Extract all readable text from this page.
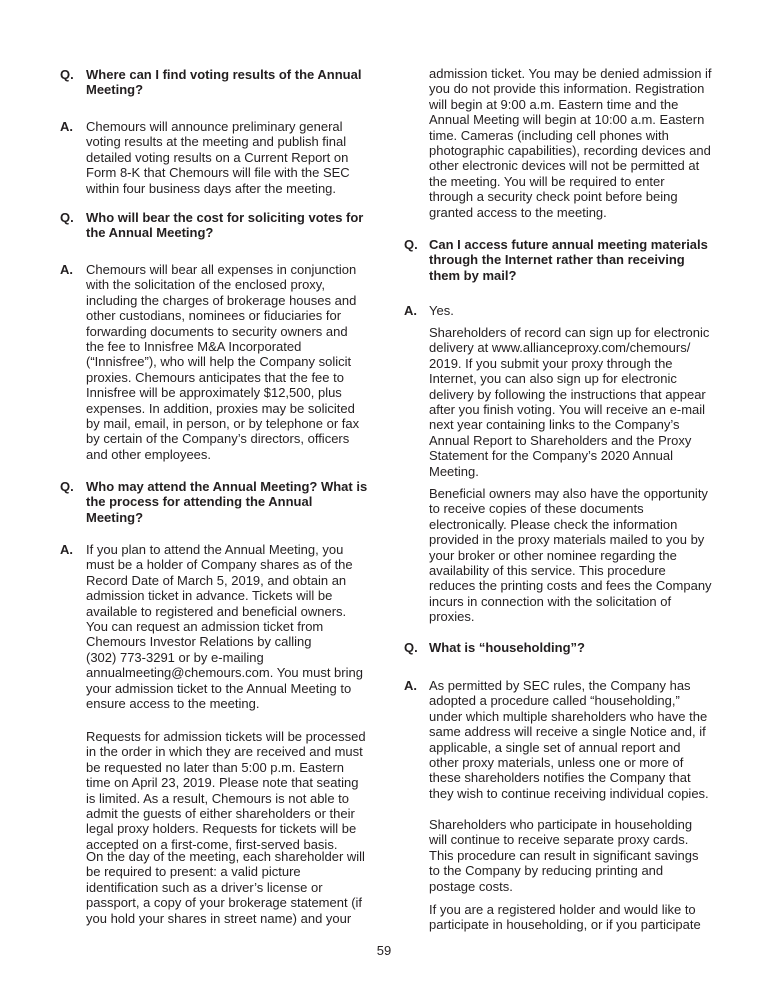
Q. Where can I find voting results of the Annual
Meeting?
A. Chemours will announce preliminary general
voting results at the meeting and publish final
detailed voting results on a Current Report on
Form 8-K that Chemours will file with the SEC
within four business days after the meeting.
Q. Who will bear the cost for soliciting votes for
the Annual Meeting?
A. Chemours will bear all expenses in conjunction
with the solicitation of the enclosed proxy,
including the charges of brokerage houses and
other custodians, nominees or fiduciaries for
forwarding documents to security owners and
the fee to Innisfree M&A Incorporated
(“Innisfree”), who will help the Company solicit
proxies. Chemours anticipates that the fee to
Innisfree will be approximately $12,500, plus
expenses. In addition, proxies may be solicited
by mail, email, in person, or by telephone or fax
by certain of the Company’s directors, officers
and other employees.
Q. Who may attend the Annual Meeting? What is
the process for attending the Annual
Meeting?
A. If you plan to attend the Annual Meeting, you
must be a holder of Company shares as of the
Record Date of March 5, 2019, and obtain an
admission ticket in advance. Tickets will be
available to registered and beneficial owners.
You can request an admission ticket from
Chemours Investor Relations by calling
(302) 773-3291 or by e-mailing
annualmeeting@chemours.com. You must bring
your admission ticket to the Annual Meeting to
ensure access to the meeting.
Requests for admission tickets will be processed
in the order in which they are received and must
be requested no later than 5:00 p.m. Eastern
time on April 23, 2019. Please note that seating
is limited. As a result, Chemours is not able to
admit the guests of either shareholders or their
legal proxy holders. Requests for tickets will be
accepted on a first-come, first-served basis.
On the day of the meeting, each shareholder will
be required to present: a valid picture
identification such as a driver’s license or
passport, a copy of your brokerage statement (if
you hold your shares in street name) and your
admission ticket. You may be denied admission if
you do not provide this information. Registration
will begin at 9:00 a.m. Eastern time and the
Annual Meeting will begin at 10:00 a.m. Eastern
time. Cameras (including cell phones with
photographic capabilities), recording devices and
other electronic devices will not be permitted at
the meeting. You will be required to enter
through a security check point before being
granted access to the meeting.
Q. Can I access future annual meeting materials
through the Internet rather than receiving
them by mail?
A. Yes.
Shareholders of record can sign up for electronic
delivery at www.allianceproxy.com/chemours/
2019. If you submit your proxy through the
Internet, you can also sign up for electronic
delivery by following the instructions that appear
after you finish voting. You will receive an e-mail
next year containing links to the Company’s
Annual Report to Shareholders and the Proxy
Statement for the Company’s 2020 Annual
Meeting.
Beneficial owners may also have the opportunity
to receive copies of these documents
electronically. Please check the information
provided in the proxy materials mailed to you by
your broker or other nominee regarding the
availability of this service. This procedure
reduces the printing costs and fees the Company
incurs in connection with the solicitation of
proxies.
Q. What is “householding”?
A. As permitted by SEC rules, the Company has
adopted a procedure called “householding,”
under which multiple shareholders who have the
same address will receive a single Notice and, if
applicable, a single set of annual report and
other proxy materials, unless one or more of
these shareholders notifies the Company that
they wish to continue receiving individual copies.
Shareholders who participate in householding
will continue to receive separate proxy cards.
This procedure can result in significant savings
to the Company by reducing printing and
postage costs.
If you are a registered holder and would like to
participate in householding, or if you participate
59
